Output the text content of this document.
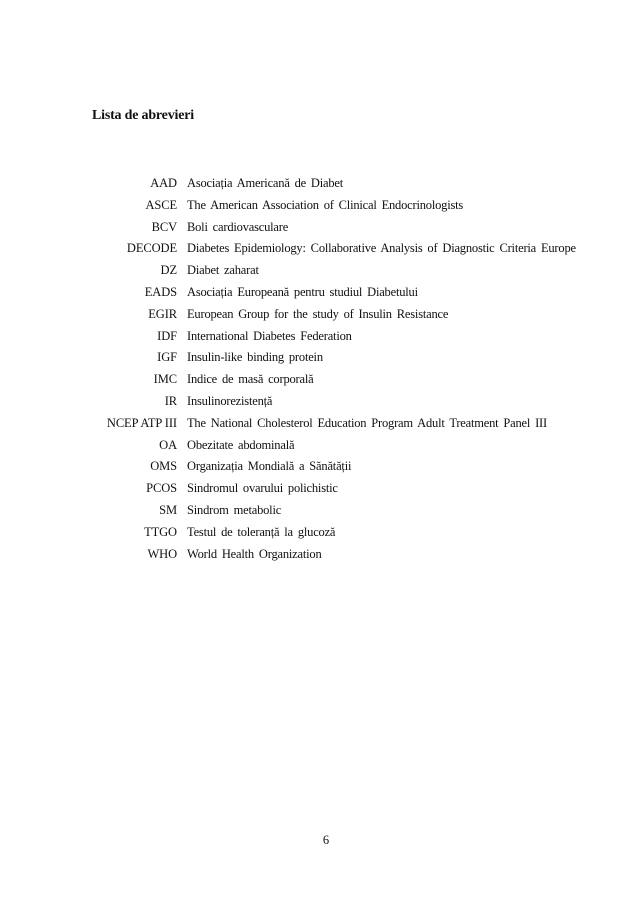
Lista de abrevieri
AAD	Asociația Americană de Diabet
ASCE	The American Association of Clinical Endocrinologists
BCV	Boli cardiovasculare
DECODE	Diabetes Epidemiology: Collaborative Analysis of Diagnostic Criteria Europe
DZ	Diabet zaharat
EADS	Asociația Europeană pentru studiul Diabetului
EGIR	European Group for the study of Insulin Resistance
IDF	International Diabetes Federation
IGF	Insulin-like binding protein
IMC	Indice de masă corporală
IR	Insulinorezistență
NCEP ATP III	The National Cholesterol Education Program Adult Treatment Panel III
OA	Obezitate abdominală
OMS	Organizația Mondială a Sănătății
PCOS	Sindromul ovarului polichistic
SM	Sindrom metabolic
TTGO	Testul de toleranță la glucoză
WHO	World Health Organization
6
